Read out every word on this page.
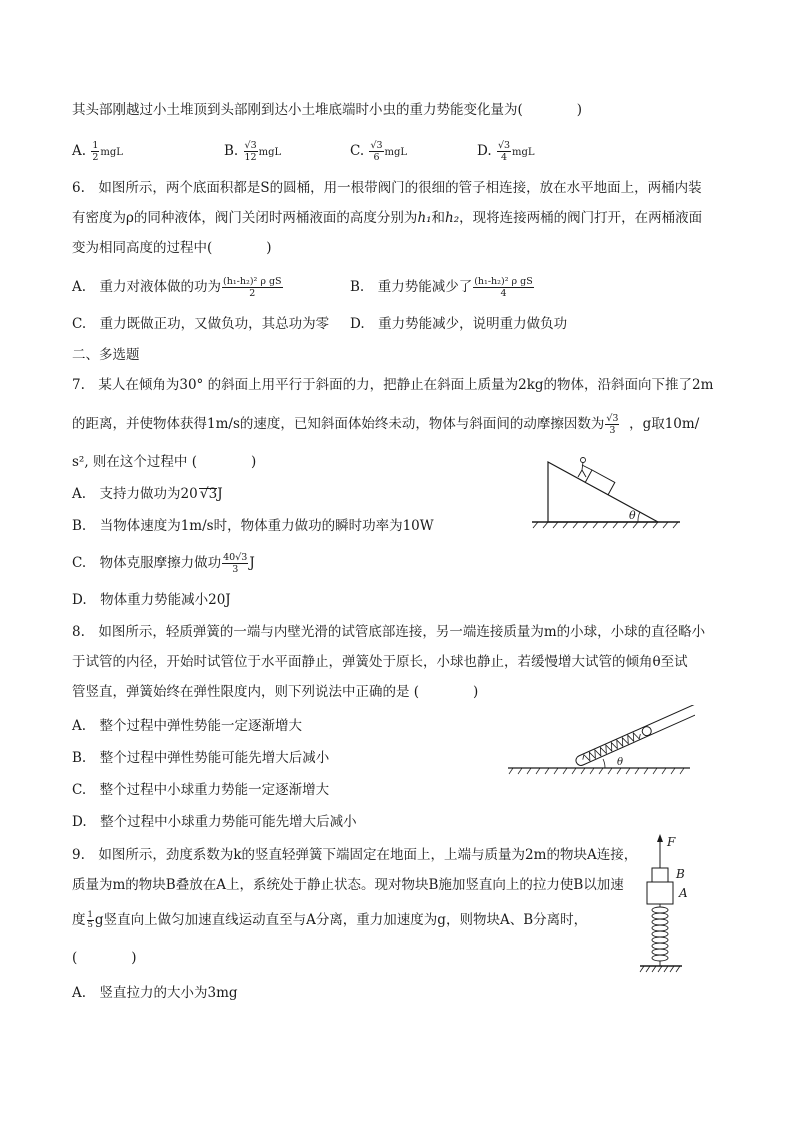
其头部刚越过小土堆顶到头部刚到达小土堆底端时小虫的重力势能变化量为(　　　　)
A. $\frac{1}{2}$ mgL	B. $\frac{√3}{12}$ mgL	C. $\frac{√3}{6}$ mgL	D. $\frac{√3}{4}$ mgL
6.　如图所示，两个底面积都是S的圆桶，用一根带阀门的很细的管子相连接，放在水平地面上，两桶内装
有密度为ρ的同种液体，阀门关闭时两桶液面的高度分别为h₁和h₂，现将连接两桶的阀门打开，在两桶液面
变为相同高度的过程中(　　　　)
A.　重力对液体做的功为 $\frac{\text{(h₁-h₂)² ρ gS}}{2}$	B.　重力势能减少了 $\frac{\text{(h₁-h₂)² ρ gS}}{4}$
C.　重力既做正功，又做负功，其总功为零 D.　重力势能减少，说明重力做负功
二、多选题
7.　某人在倾角为30° 的斜面上用平行于斜面的力，把静止在斜面上质量为2kg的物体，沿斜面向下推了2m
的距离，并使物体获得1m/s的速度，已知斜面体始终未动，物体与斜面间的动摩擦因数为 $\frac{√3}{3}$ ，g取10m/
s², 则在这个过程中 (　　　　)
A.　支持力做功为20 √3J
B.　当物体速度为1m/s时，物体重力做功的瞬时功率为10W
C.　物体克服摩擦力做功 $\frac{40√3}{3}$ J
D.　物体重力势能减小20J
θ
8.　如图所示，轻质弹簧的一端与内壁光滑的试管底部连接，另一端连接质量为m的小球，小球的直径略小
于试管的内径，开始时试管位于水平面静止，弹簧处于原长，小球也静止，若缓慢增大试管的倾角θ至试
管竖直，弹簧始终在弹性限度内，则下列说法中正确的是 (　　　　)
A.　整个过程中弹性势能一定逐渐增大
B.　整个过程中弹性势能可能先增大后减小
C.　整个过程中小球重力势能一定逐渐增大
D.　整个过程中小球重力势能可能先增大后减小
θ
9.　如图所示，劲度系数为k的竖直轻弹簧下端固定在地面上，上端与质量为2m的物块A连接，
质量为m的物块B叠放在A上，系统处于静止状态。现对物块B施加竖直向上的拉力使B以加速
度 $\frac{1}{5}$ g竖直向上做匀加速直线运动直至与A分离，重力加速度为g，则物块A、B分离时，
(　　　　)
A.　竖直拉力的大小为3mg
F
B
A
